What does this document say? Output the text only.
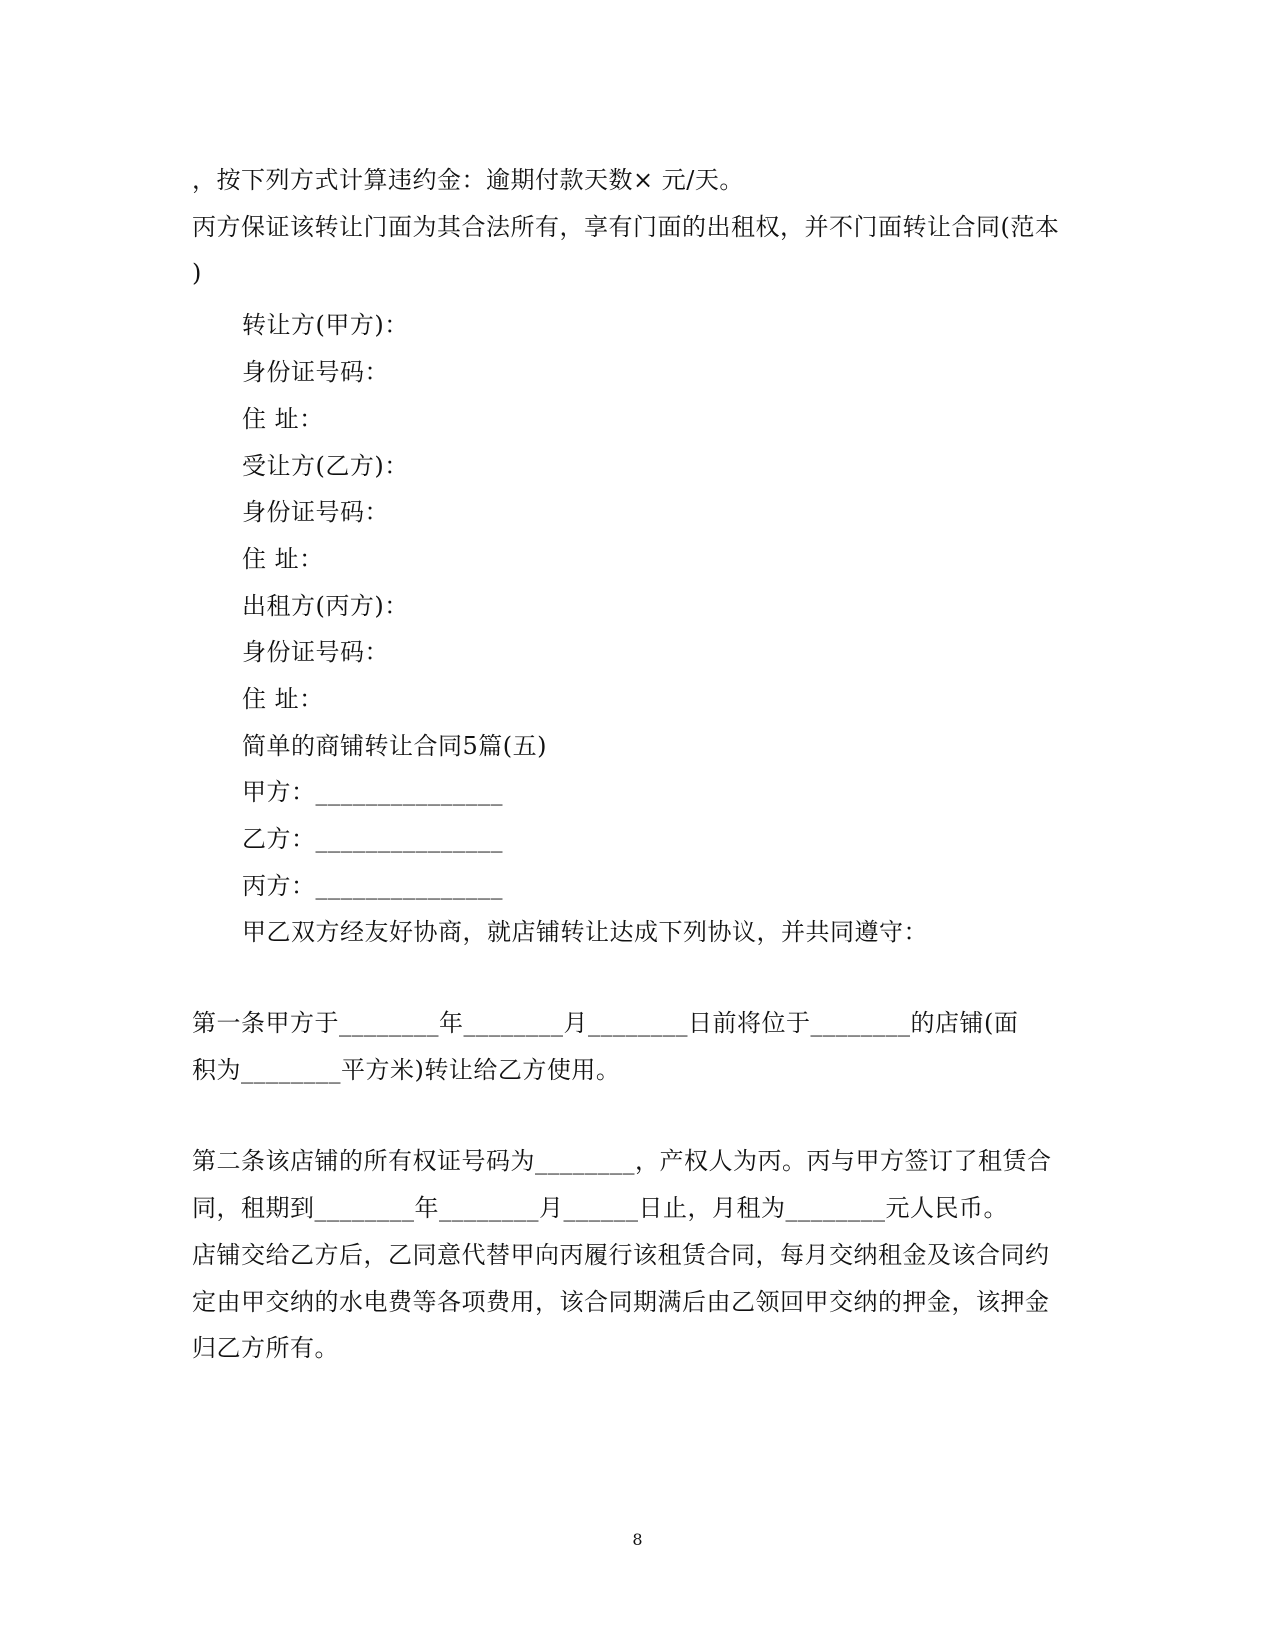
，按下列方式计算违约金：逾期付款天数× 元/天。
丙方保证该转让门面为其合法所有，享有门面的出租权，并不门面转让合同(范本
)
转让方(甲方)：
身份证号码：
住 址：
受让方(乙方)：
身份证号码：
住 址：
出租方(丙方)：
身份证号码：
住 址：
简单的商铺转让合同5篇(五)
甲方：_______________
乙方：_______________
丙方：_______________
甲乙双方经友好协商，就店铺转让达成下列协议，并共同遵守：
第一条甲方于________年________月________日前将位于________的店铺(面
积为________平方米)转让给乙方使用。
第二条该店铺的所有权证号码为________，产权人为丙。丙与甲方签订了租赁合
同，租期到________年________月______日止，月租为________元人民币。
店铺交给乙方后，乙同意代替甲向丙履行该租赁合同，每月交纳租金及该合同约
定由甲交纳的水电费等各项费用，该合同期满后由乙领回甲交纳的押金，该押金
归乙方所有。
8
